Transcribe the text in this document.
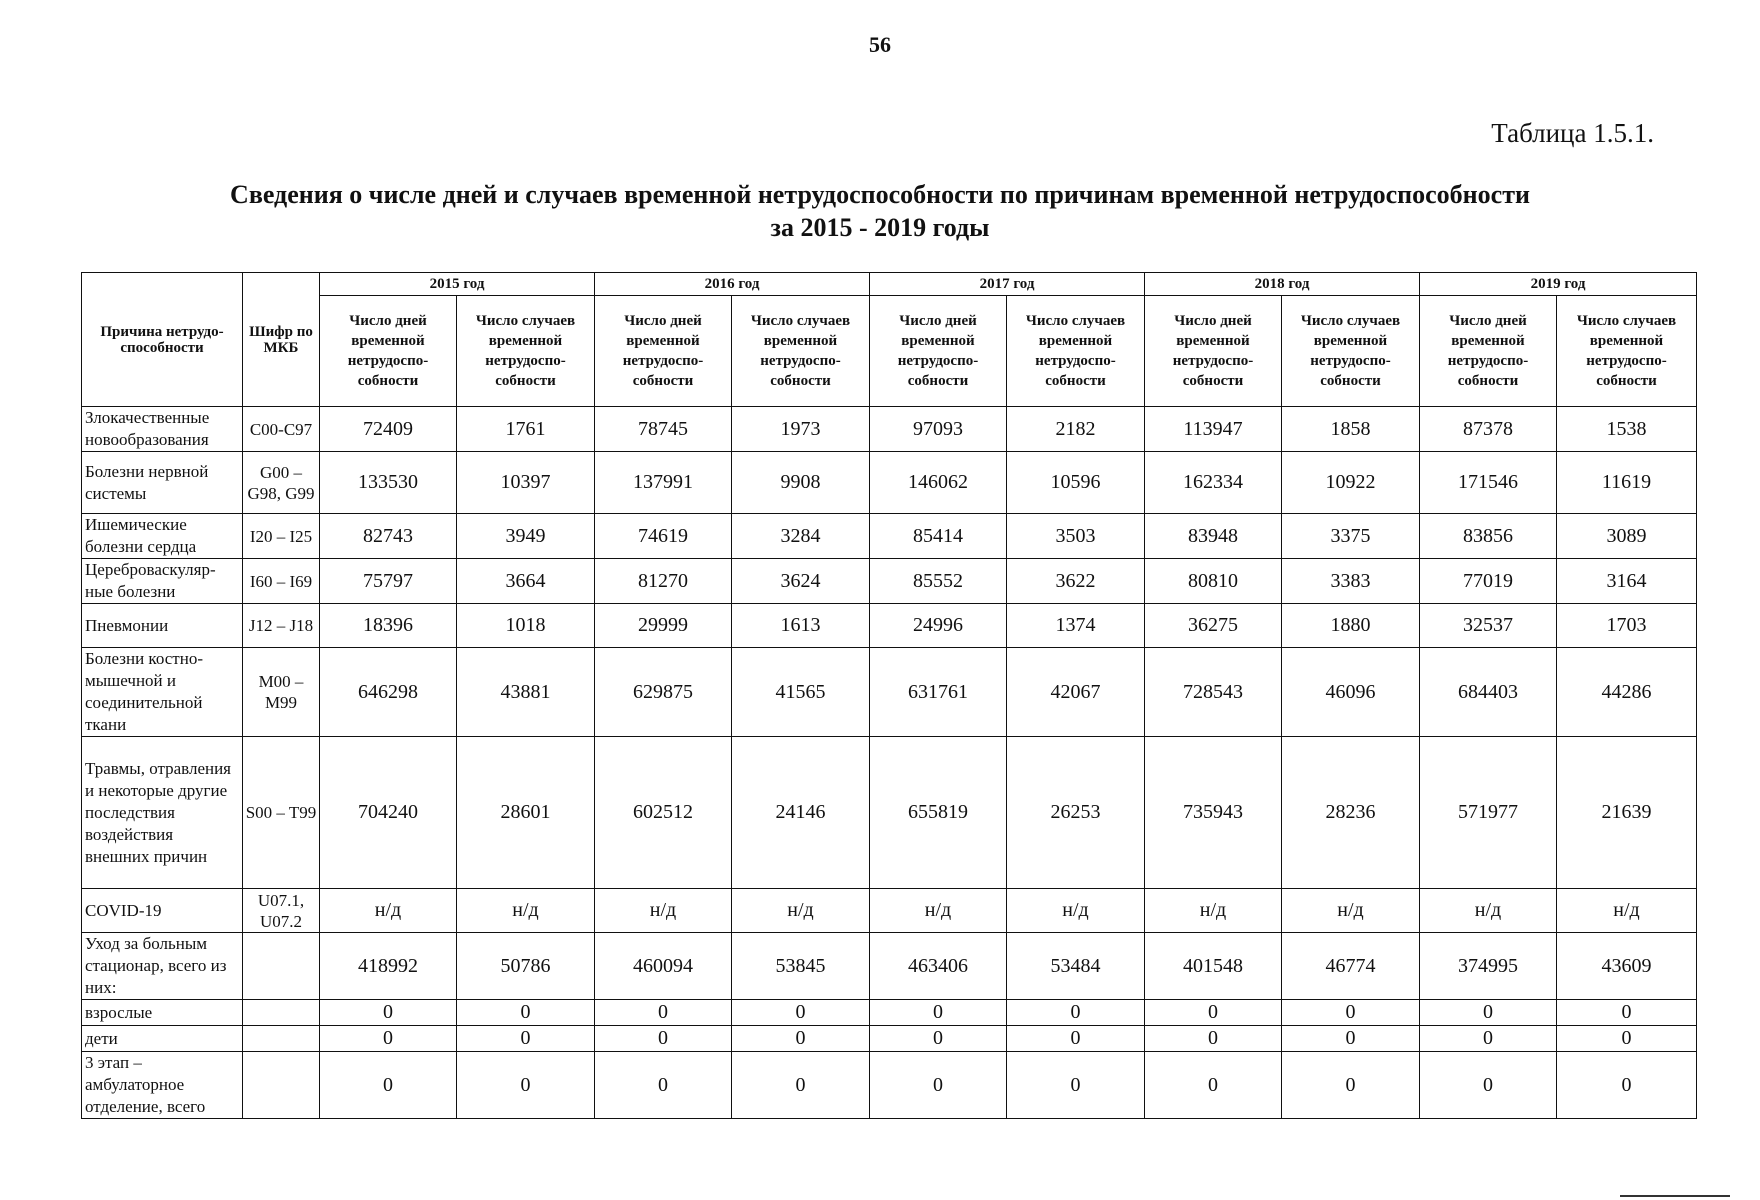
56
Таблица 1.5.1.
Сведения о числе дней и случаев временной нетрудоспособности по причинам временной нетрудоспособности
за 2015 - 2019 годы
Причина нетрудо-способности	Шифр по МКБ	2015 год		2016 год		2017 год		2018 год		2019 год	
		Число дней временной нетрудоспо-собности	Число случаев временной нетрудоспо-собности	Число дней временной нетрудоспо-собности	Число случаев временной нетрудоспо-собности	Число дней временной нетрудоспо-собности	Число случаев временной нетрудоспо-собности	Число дней временной нетрудоспо-собности	Число случаев временной нетрудоспо-собности	Число дней временной нетрудоспо-собности	Число случаев временной нетрудоспо-собности
Злокачественные новообразования	C00-C97	72409	1761	78745	1973	97093	2182	113947	1858	87378	1538
Болезни нервной системы	G00 – G98, G99	133530	10397	137991	9908	146062	10596	162334	10922	171546	11619
Ишемические болезни сердца	I20 – I25	82743	3949	74619	3284	85414	3503	83948	3375	83856	3089
Цереброваскуляр-ные болезни	I60 – I69	75797	3664	81270	3624	85552	3622	80810	3383	77019	3164
Пневмонии	J12 – J18	18396	1018	29999	1613	24996	1374	36275	1880	32537	1703
Болезни костно-мышечной и соединительной ткани	M00 – M99	646298	43881	629875	41565	631761	42067	728543	46096	684403	44286
Травмы, отравления и некоторые другие последствия воздействия внешних причин	S00 – T99	704240	28601	602512	24146	655819	26253	735943	28236	571977	21639
COVID-19	U07.1, U07.2	н/д	н/д	н/д	н/д	н/д	н/д	н/д	н/д	н/д	н/д
Уход за больным стационар, всего из них:		418992	50786	460094	53845	463406	53484	401548	46774	374995	43609
взрослые		0	0	0	0	0	0	0	0	0	0
дети		0	0	0	0	0	0	0	0	0	0
3 этап – амбулаторное отделение, всего		0	0	0	0	0	0	0	0	0	0
